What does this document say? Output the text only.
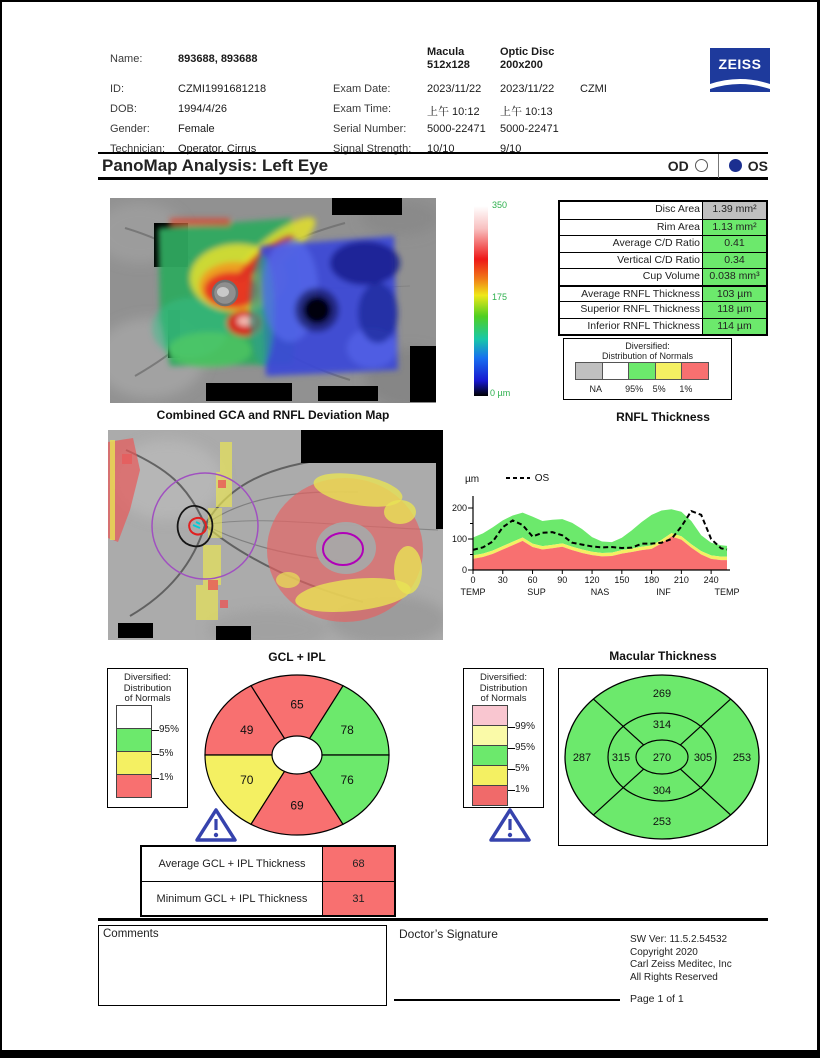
Name:	893688, 893688
Macula
512x128
Optic Disc
200x200
ID:	CZMI1991681218	Exam Date:	2023/11/22 2023/11/22 CZMI
DOB:	1994/4/26	Exam Time:	上午 10:12 上午 10:13
Gender:	Female	Serial Number: 5000-22471 5000-22471
Technician: Operator, Cirrus	Signal Strength: 10/10	9/10
ZEISS
PanoMap Analysis: Left Eye	OD	OS
350
175
0 µm
Combined GCA and RNFL Deviation Map
Disc Area	1.39 mm²
Rim Area	1.13 mm²
Average C/D Ratio	0.41
Vertical C/D Ratio	0.34
Cup Volume 0.038 mm³
Average RNFL Thickness	103 µm
Superior RNFL Thickness	118 µm
Inferior RNFL Thickness	114 µm
Diversified:
Distribution of Normals
NA	95% 5% 1%
RNFL Thickness
0
100
200
0 30 60 90 120 150 180 210 240
TEMP	SUP	NAS	INF	TEMP
µm	OS
GCL + IPL
Diversified:
Distribution
of Normals
95%
5%
1%
78
65
49
70
69
76
Macular Thickness
Diversified:
Distribution
of Normals
99%
95%
5%
1%
270
314
304
315	305
269
253
287	253
Average GCL + IPL Thickness	68
Minimum GCL + IPL Thickness	31
Comments	Doctor’s Signature	SW Ver: 11.5.2.54532
Copyright 2020
Carl Zeiss Meditec, Inc
All Rights Reserved
Page 1 of 1
